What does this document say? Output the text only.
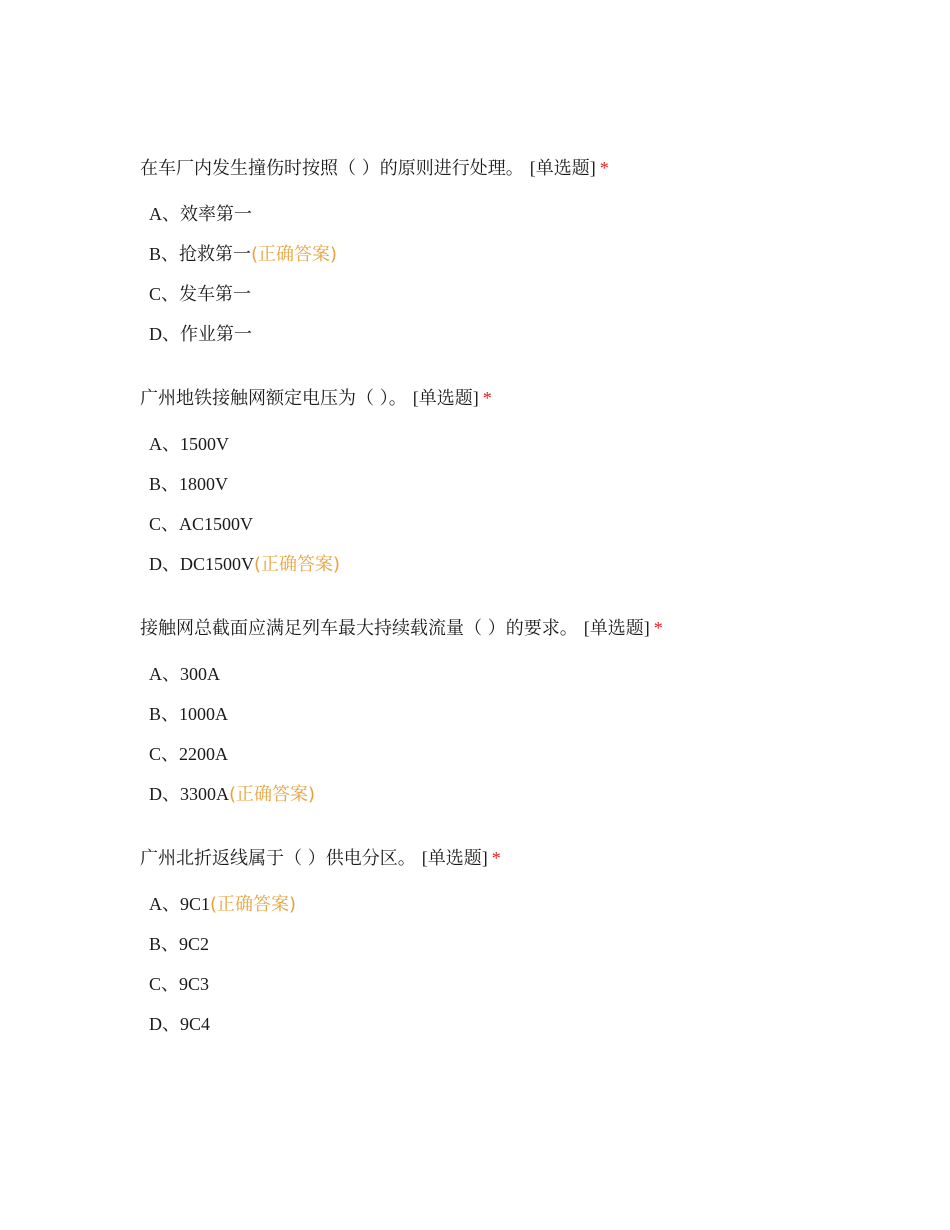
在车厂内发生撞伤时按照（ ）的原则进行处理。 [单选题] *
A、效率第一
B、抢救第一(正确答案)
C、发车第一
D、作业第一
广州地铁接触网额定电压为（ ）。 [单选题] *
A、1500V
B、1800V
C、AC1500V
D、DC1500V(正确答案)
接触网总截面应满足列车最大持续载流量（ ）的要求。 [单选题] *
A、300A
B、1000A
C、2200A
D、3300A(正确答案)
广州北折返线属于（ ）供电分区。 [单选题] *
A、9C1(正确答案)
B、9C2
C、9C3
D、9C4
